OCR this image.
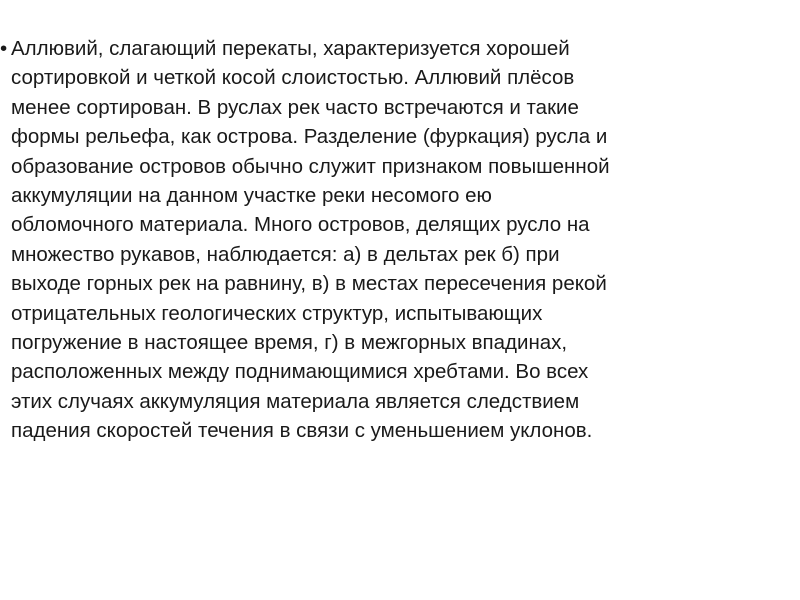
• Аллювий, слагающий перекаты, характеризуется хорошей
сортировкой и четкой косой слоистостью. Аллювий плёсов
менее сортирован. В руслах рек часто встречаются и такие
формы рельефа, как острова. Разделение (фуркация) русла и
образование островов обычно служит признаком повышенной
аккумуляции на данном участке реки несомого ею
обломочного материала. Много островов, делящих русло на
множество рукавов, наблюдается: а) в дельтах рек б) при
выходе горных рек на равнину, в) в местах пересечения рекой
отрицательных геологических структур, испытывающих
погружение в настоящее время, г) в межгорных впадинах,
расположенных между поднимающимися хребтами. Во всех
этих случаях аккумуляция материала является следствием
падения скоростей течения в связи с уменьшением уклонов.
